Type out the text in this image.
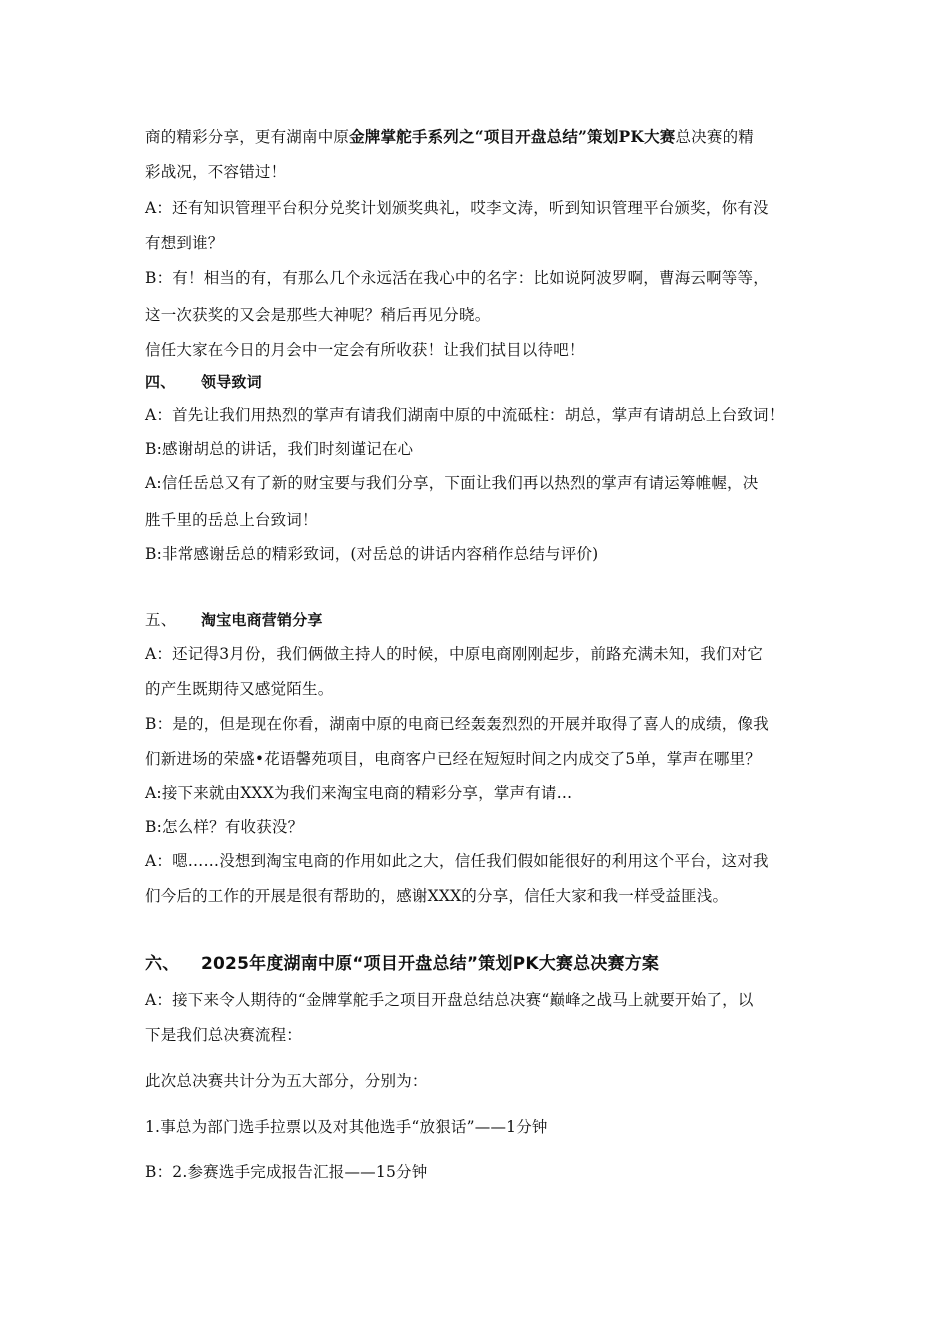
商的精彩分享，更有湖南中原金牌掌舵手系列之“项目开盘总结”策划PK大赛总决赛的精
彩战况，不容错过！
A：还有知识管理平台积分兑奖计划颁奖典礼，哎李文涛，听到知识管理平台颁奖，你有没
有想到谁？
B：有！相当的有，有那么几个永远活在我心中的名字：比如说阿波罗啊，曹海云啊等等，
这一次获奖的又会是那些大神呢？稍后再见分晓。
信任大家在今日的月会中一定会有所收获！让我们拭目以待吧！
四、 领导致词
A：首先让我们用热烈的掌声有请我们湖南中原的中流砥柱：胡总，掌声有请胡总上台致词！
B:感谢胡总的讲话，我们时刻谨记在心
A:信任岳总又有了新的财宝要与我们分享，下面让我们再以热烈的掌声有请运筹帷幄，决
胜千里的岳总上台致词！
B:非常感谢岳总的精彩致词，(对岳总的讲话内容稍作总结与评价)
五、 淘宝电商营销分享
A：还记得3月份，我们俩做主持人的时候，中原电商刚刚起步，前路充满未知，我们对它
的产生既期待又感觉陌生。
B：是的，但是现在你看，湖南中原的电商已经轰轰烈烈的开展并取得了喜人的成绩，像我
们新进场的荣盛•花语馨苑项目，电商客户已经在短短时间之内成交了5单，掌声在哪里？
A:接下来就由XXX为我们来淘宝电商的精彩分享，掌声有请…
B:怎么样？有收获没？
A：嗯……没想到淘宝电商的作用如此之大，信任我们假如能很好的利用这个平台，这对我
们今后的工作的开展是很有帮助的，感谢XXX的分享，信任大家和我一样受益匪浅。
六、 2025年度湖南中原“项目开盘总结”策划PK大赛总决赛方案
A：接下来令人期待的“金牌掌舵手之项目开盘总结总决赛“巅峰之战马上就要开始了，以
下是我们总决赛流程：
此次总决赛共计分为五大部分，分别为：
1.事总为部门选手拉票以及对其他选手“放狠话”——1分钟
B：2.参赛选手完成报告汇报——15分钟
